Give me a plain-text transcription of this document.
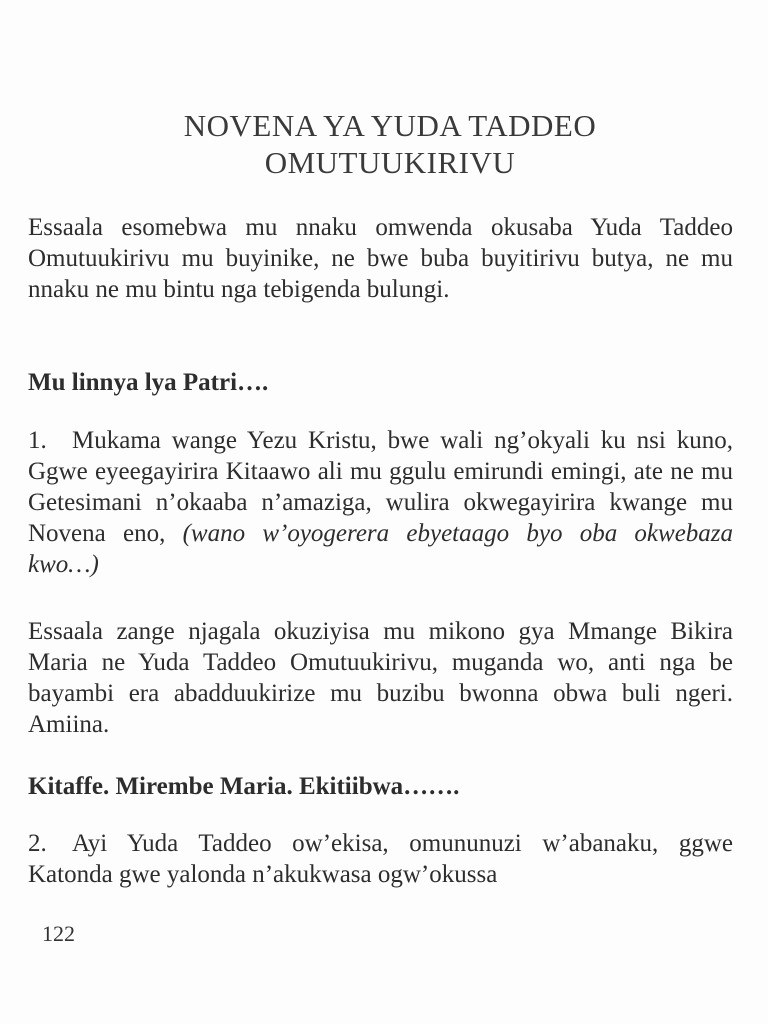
NOVENA YA YUDA TADDEO
OMUTUUKIRIVU
Essaala esomebwa mu nnaku omwenda okusaba Yuda Taddeo Omutuukirivu mu buyinike, ne bwe buba buyitirivu butya, ne mu nnaku ne mu bintu nga tebigenda bulungi.
Mu linnya lya Patri….
1. Mukama wange Yezu Kristu, bwe wali ng’okyali ku nsi kuno, Ggwe eyeegayirira Kitaawo ali mu ggulu emirundi emingi, ate ne mu Getesimani n’okaaba n’amaziga, wulira okwegayirira kwange mu Novena eno, (wano w’oyogerera ebyetaago byo oba okwebaza kwo…)
Essaala zange njagala okuziyisa mu mikono gya Mmange Bikira Maria ne Yuda Taddeo Omutuukirivu, muganda wo, anti nga be bayambi era abadduukirize mu buzibu bwonna obwa buli ngeri. Amiina.
Kitaffe. Mirembe Maria. Ekitiibwa…….
2. Ayi Yuda Taddeo ow’ekisa, omununuzi w’abanaku, ggwe Katonda gwe yalonda n’akukwasa ogw’okussa
122
